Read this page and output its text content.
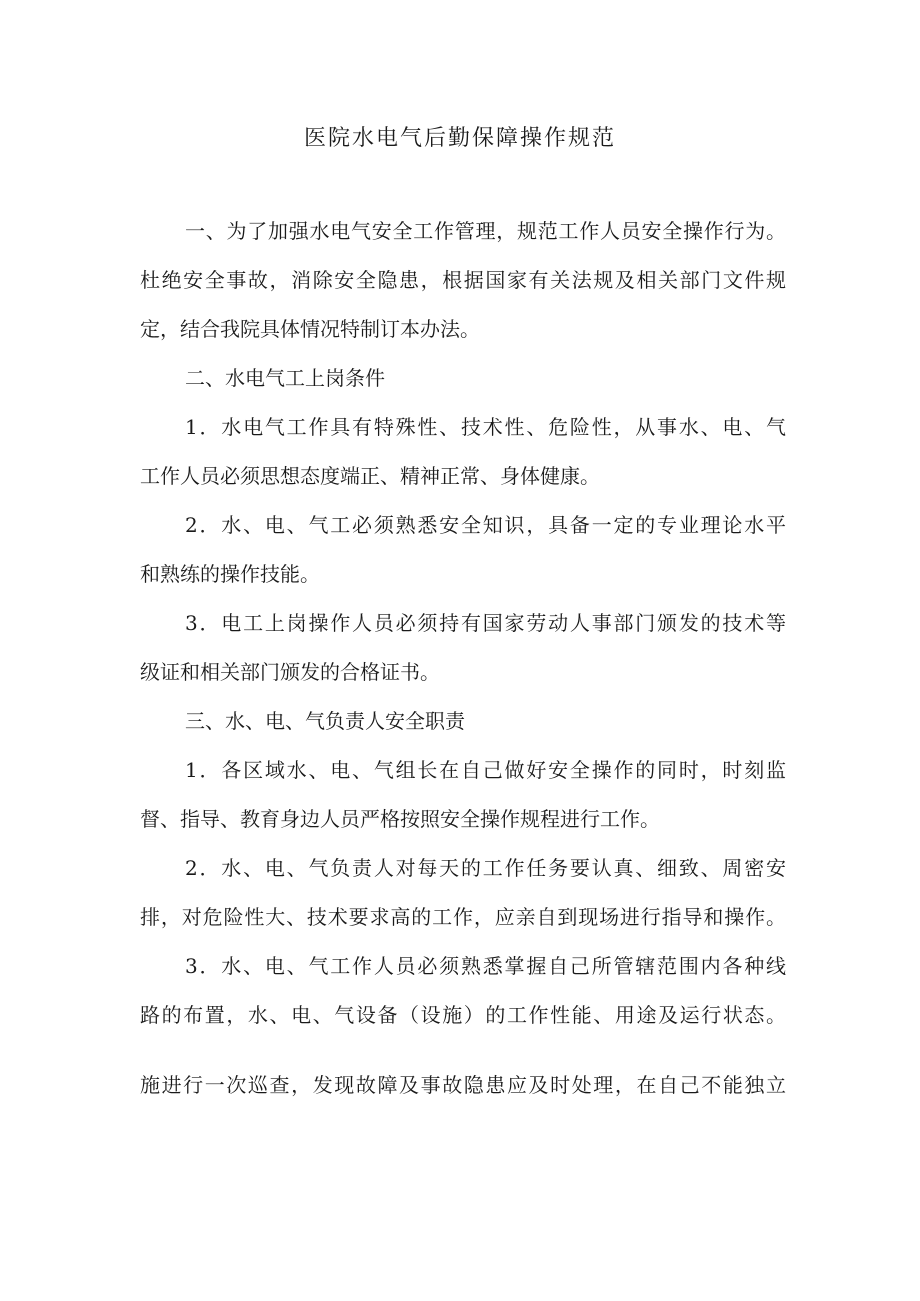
医院水电气后勤保障操作规范
一、为了加强水电气安全工作管理，规范工作人员安全操作行为。
杜绝安全事故，消除安全隐患，根据国家有关法规及相关部门文件规
定，结合我院具体情况特制订本办法。
二、水电气工上岗条件
1．水电气工作具有特殊性、技术性、危险性，从事水、电、气
工作人员必须思想态度端正、精神正常、身体健康。
2．水、电、气工必须熟悉安全知识，具备一定的专业理论水平
和熟练的操作技能。
3．电工上岗操作人员必须持有国家劳动人事部门颁发的技术等
级证和相关部门颁发的合格证书。
三、水、电、气负责人安全职责
1．各区域水、电、气组长在自己做好安全操作的同时，时刻监
督、指导、教育身边人员严格按照安全操作规程进行工作。
2．水、电、气负责人对每天的工作任务要认真、细致、周密安
排，对危险性大、技术要求高的工作，应亲自到现场进行指导和操作。
3．水、电、气工作人员必须熟悉掌握自己所管辖范围内各种线
路的布置，水、电、气设备（设施）的工作性能、用途及运行状态。
施进行一次巡查，发现故障及事故隐患应及时处理，在自己不能独立
